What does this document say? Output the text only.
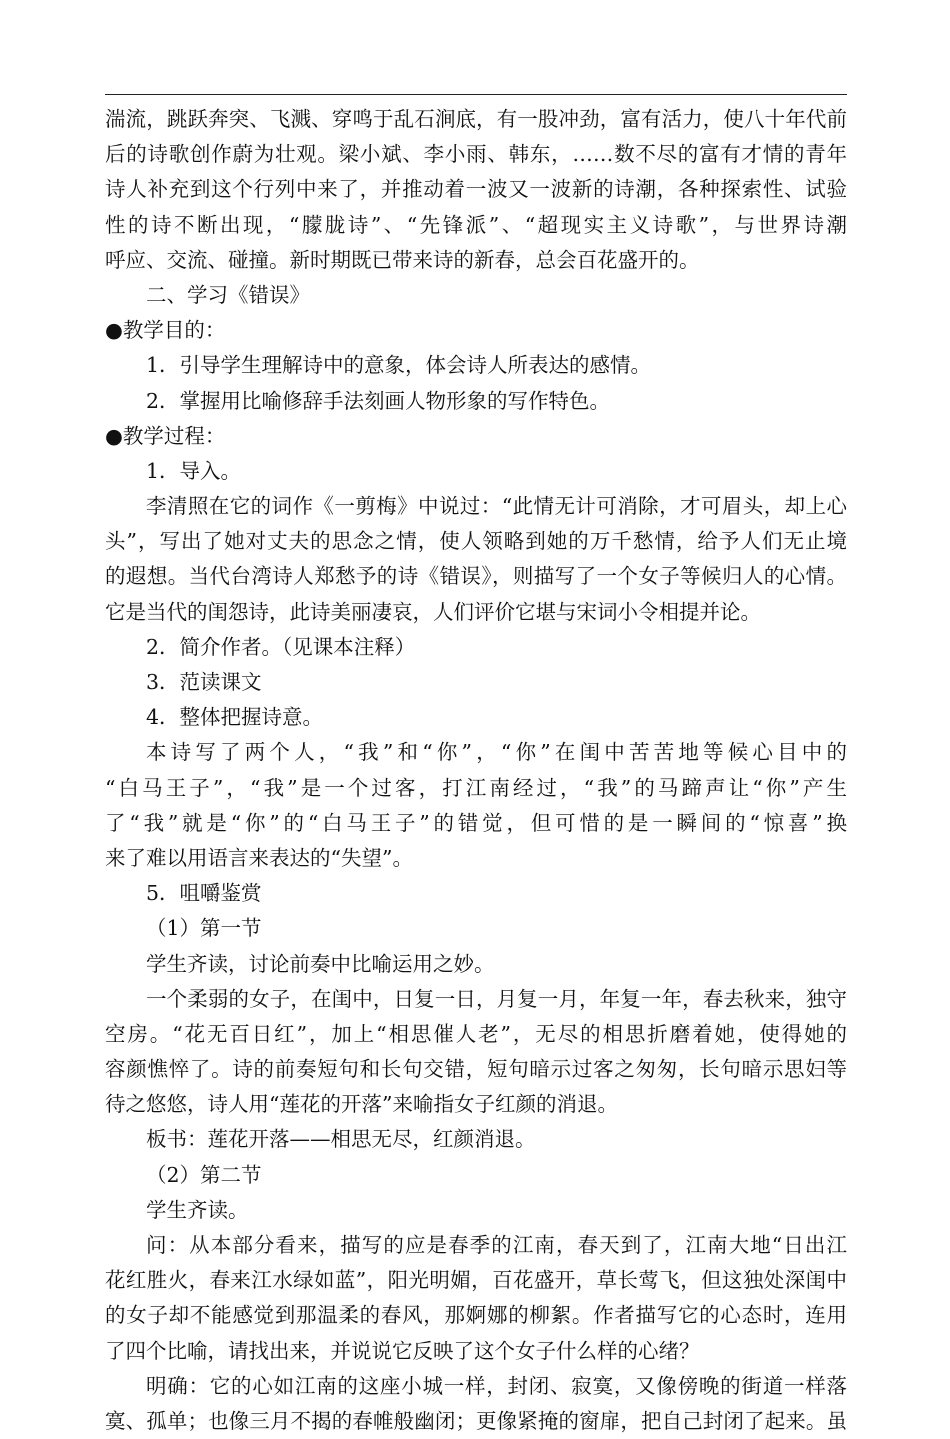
湍流，跳跃奔突、飞溅、穿鸣于乱石涧底，有一股冲劲，富有活力，使八十年代前
后的诗歌创作蔚为壮观。梁小斌、李小雨、韩东，……数不尽的富有才情的青年
诗人补充到这个行列中来了，并推动着一波又一波新的诗潮，各种探索性、试验
性的诗不断出现，“朦胧诗”、“先锋派”、“超现实主义诗歌”，与世界诗潮
呼应、交流、碰撞。新时期既已带来诗的新春，总会百花盛开的。
二、学习《错误》
●教学目的：
1．引导学生理解诗中的意象，体会诗人所表达的感情。
2．掌握用比喻修辞手法刻画人物形象的写作特色。
●教学过程：
1．导入。
李清照在它的词作《一剪梅》中说过：“此情无计可消除，才可眉头，却上心
头”，写出了她对丈夫的思念之情，使人领略到她的万千愁情，给予人们无止境
的遐想。当代台湾诗人郑愁予的诗《错误》，则描写了一个女子等候归人的心情。
它是当代的闺怨诗，此诗美丽凄哀，人们评价它堪与宋词小令相提并论。
2．简介作者。（见课本注释）
3．范读课文
4．整体把握诗意。
本诗写了两个人，“我”和“你”，“你”在闺中苦苦地等候心目中的
“白马王子”，“我”是一个过客，打江南经过，“我”的马蹄声让“你”产生
了“我”就是“你”的“白马王子”的错觉，但可惜的是一瞬间的“惊喜”换
来了难以用语言来表达的“失望”。
5．咀嚼鉴赏
（1）第一节
学生齐读，讨论前奏中比喻运用之妙。
一个柔弱的女子，在闺中，日复一日，月复一月，年复一年，春去秋来，独守
空房。“花无百日红”，加上“相思催人老”，无尽的相思折磨着她，使得她的
容颜憔悴了。诗的前奏短句和长句交错，短句暗示过客之匆匆，长句暗示思妇等
待之悠悠，诗人用“莲花的开落”来喻指女子红颜的消退。
板书：莲花开落——相思无尽，红颜消退。
（2）第二节
学生齐读。
问：从本部分看来，描写的应是春季的江南，春天到了，江南大地“日出江
花红胜火，春来江水绿如蓝”，阳光明媚，百花盛开，草长莺飞，但这独处深闺中
的女子却不能感觉到那温柔的春风，那婀娜的柳絮。作者描写它的心态时，连用
了四个比喻，请找出来，并说说它反映了这个女子什么样的心绪？
明确：它的心如江南的这座小城一样，封闭、寂寞，又像傍晚的街道一样落
寞、孤单；也像三月不揭的春帷般幽闭；更像紧掩的窗扉，把自己封闭了起来。虽
